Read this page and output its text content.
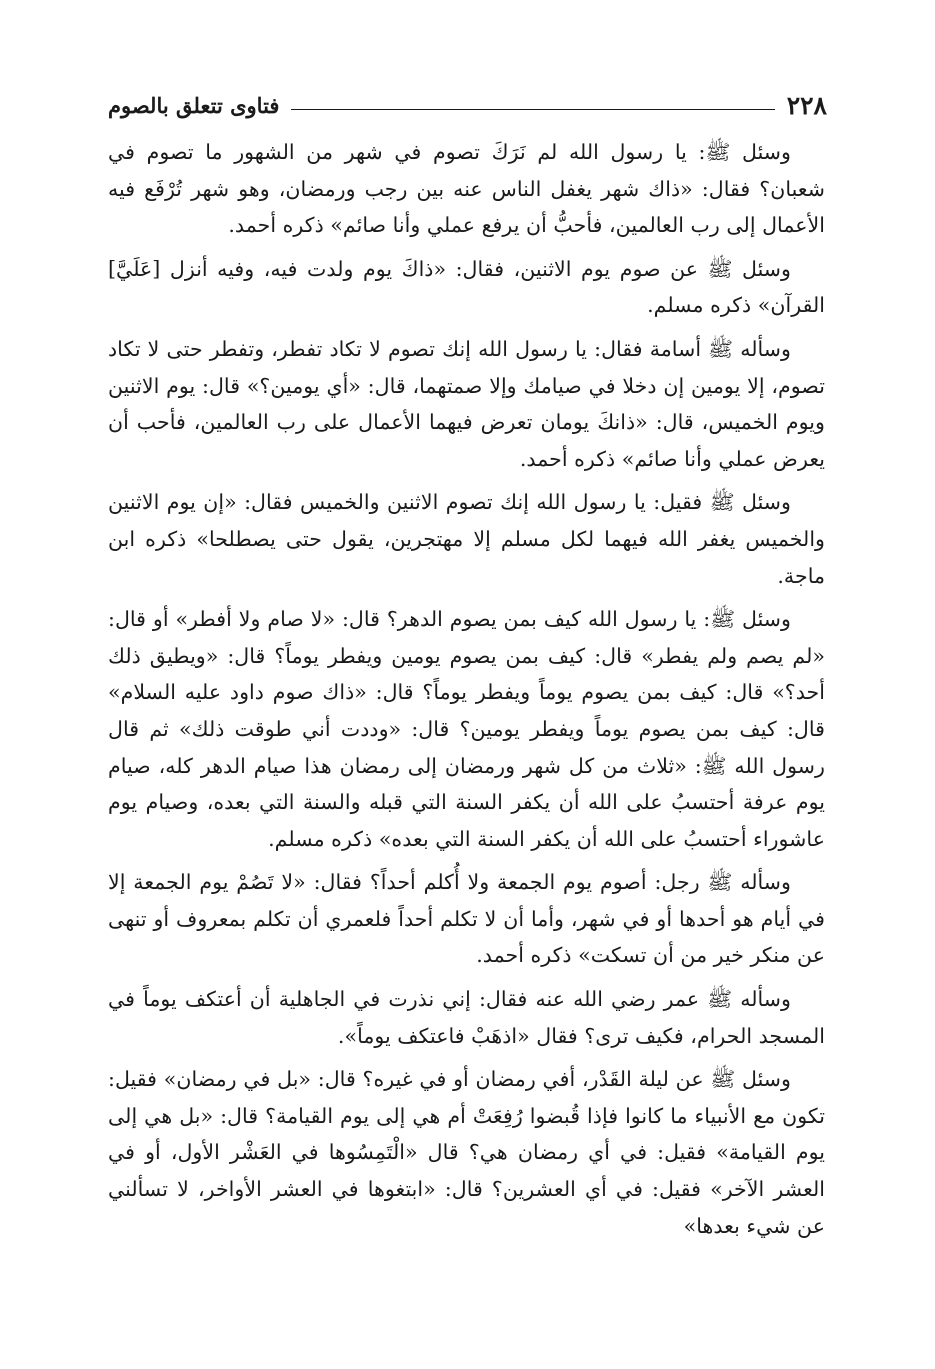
٢٢٨
فتاوى تتعلق بالصوم

وسئل ﷺ: يا رسول الله لم نَرَكَ تصوم في شهر من الشهور ما تصوم في شعبان؟ فقال: «ذاك شهر يغفل الناس عنه بين رجب ورمضان، وهو شهر تُرْفَع فيه الأعمال إلى رب العالمين، فأحبُّ أن يرفع عملي وأنا صائم» ذكره أحمد.

وسئل ﷺ عن صوم يوم الاثنين، فقال: «ذاكَ يوم ولدت فيه، وفيه أنزل [عَلَيَّ] القرآن» ذكره مسلم.

وسأله ﷺ أسامة فقال: يا رسول الله إنك تصوم لا تكاد تفطر، وتفطر حتى لا تكاد تصوم، إلا يومين إن دخلا في صيامك وإلا صمتهما، قال: «أي يومين؟» قال: يوم الاثنين ويوم الخميس، قال: «ذانكَ يومان تعرض فيهما الأعمال على رب العالمين، فأحب أن يعرض عملي وأنا صائم» ذكره أحمد.

وسئل ﷺ فقيل: يا رسول الله إنك تصوم الاثنين والخميس فقال: «إن يوم الاثنين والخميس يغفر الله فيهما لكل مسلم إلا مهتجرين، يقول حتى يصطلحا» ذكره ابن ماجة.

وسئل ﷺ: يا رسول الله كيف بمن يصوم الدهر؟ قال: «لا صام ولا أفطر» أو قال: «لم يصم ولم يفطر» قال: كيف بمن يصوم يومين ويفطر يوماً؟ قال: «ويطيق ذلك أحد؟» قال: كيف بمن يصوم يوماً ويفطر يوماً؟ قال: «ذاك صوم داود عليه السلام» قال: كيف بمن يصوم يوماً ويفطر يومين؟ قال: «وددت أني طوقت ذلك» ثم قال رسول الله ﷺ: «ثلاث من كل شهر ورمضان إلى رمضان هذا صيام الدهر كله، صيام يوم عرفة أحتسبُ على الله أن يكفر السنة التي قبله والسنة التي بعده، وصيام يوم عاشوراء أحتسبُ على الله أن يكفر السنة التي بعده» ذكره مسلم.

وسأله ﷺ رجل: أصوم يوم الجمعة ولا أُكلم أحداً؟ فقال: «لا تَصُمْ يوم الجمعة إلا في أيام هو أحدها أو في شهر، وأما أن لا تكلم أحداً فلعمري أن تكلم بمعروف أو تنهى عن منكر خير من أن تسكت» ذكره أحمد.

وسأله ﷺ عمر رضي الله عنه فقال: إني نذرت في الجاهلية أن أعتكف يوماً في المسجد الحرام، فكيف ترى؟ فقال «اذهَبْ فاعتكف يوماً».

وسئل ﷺ عن ليلة القَدْر، أفي رمضان أو في غيره؟ قال: «بل في رمضان» فقيل: تكون مع الأنبياء ما كانوا فإذا قُبضوا رُفِعَتْ أم هي إلى يوم القيامة؟ قال: «بل هي إلى يوم القيامة» فقيل: في أي رمضان هي؟ قال «الْتَمِسُوها في العَشْر الأول، أو في العشر الآخر» فقيل: في أي العشرين؟ قال: «ابتغوها في العشر الأواخر، لا تسألني عن شيء بعدها»
